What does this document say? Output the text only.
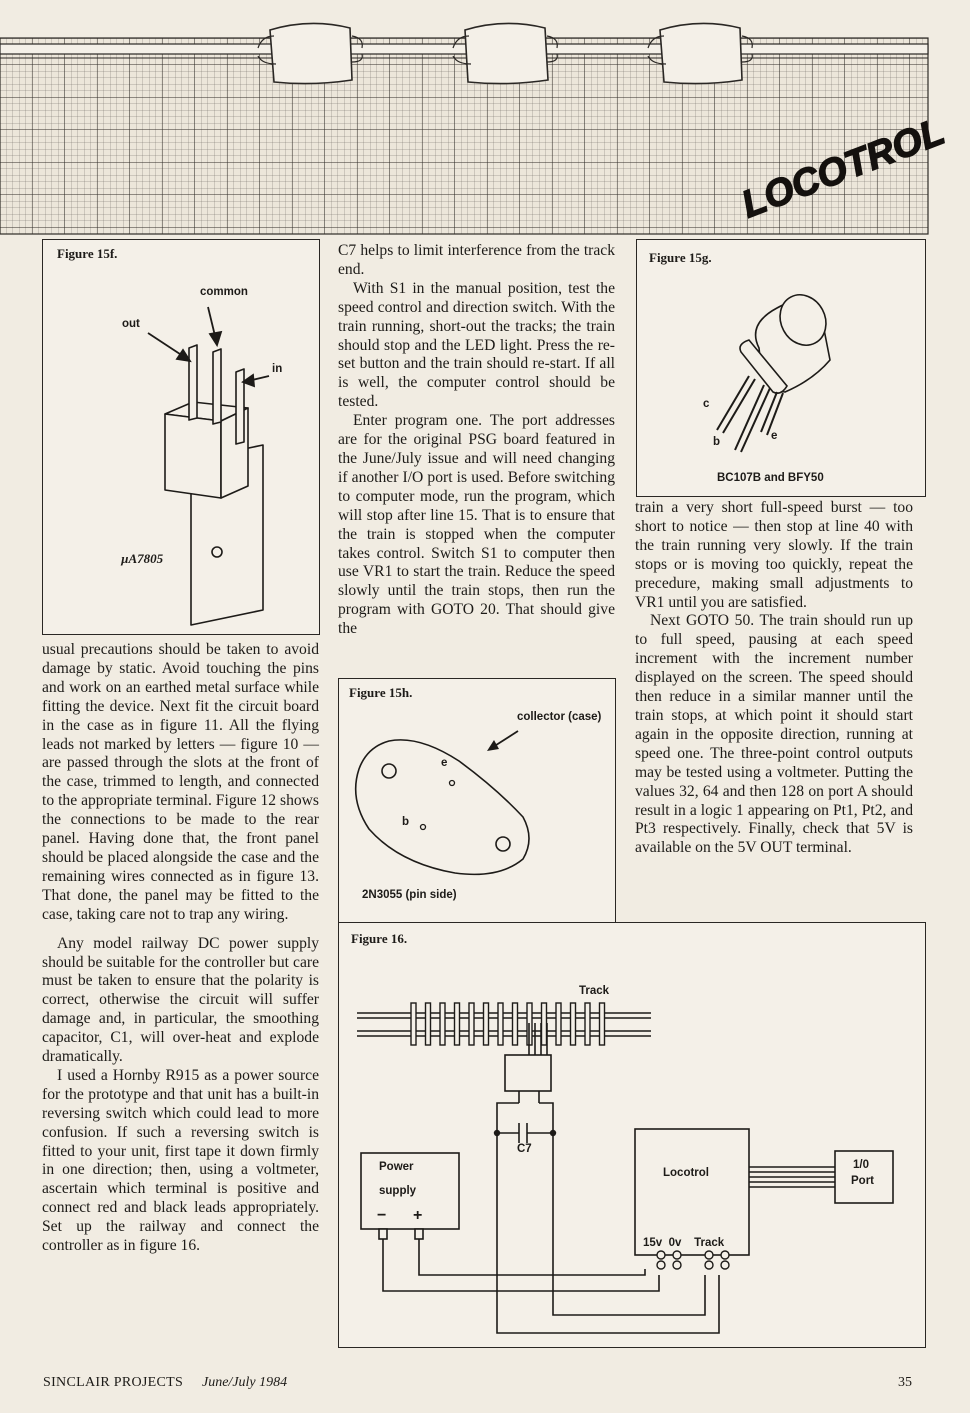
LOCOTROL
Figure 15f.
out
common
in
µA7805
Figure 15g.
c
b	e
BC107B and BFY50
Figure 15h.
collector (case)
e
b
2N3055 (pin side)
Figure 16.
Track
C7
Power
supply
− +
Locotrol
1/0
Port
15v  0v    Track

usual precautions should be taken to avoid damage by static. Avoid touching the pins and work on an earthed metal surface while fitting the device. Next fit the circuit board in the case as in figure 11. All the flying leads not marked by letters — figure 10 — are passed through the slots at the front of the case, trimmed to length, and connected to the appropriate terminal. Figure 12 shows the connections to be made to the rear panel. Having done that, the front panel should be placed alongside the case and the remaining wires connected as in figure 13. That done, the panel may be fitted to the case, taking care not to trap any wiring.

Any model railway DC power supply should be suitable for the controller but care must be taken to ensure that the polarity is correct, otherwise the circuit will suffer damage and, in particular, the smoothing capacitor, C1, will over-heat and explode dramatically.

I used a Hornby R915 as a power source for the prototype and that unit has a built-in reversing switch which could lead to more confusion. If such a reversing switch is fitted to your unit, first tape it down firmly in one direction; then, using a voltmeter, ascertain which terminal is positive and connect red and black leads appropriately. Set up the railway and connect the controller as in figure 16.

C7 helps to limit interference from the track end.

With S1 in the manual position, test the speed control and direction switch. With the train running, short-out the tracks; the train should stop and the LED light. Press the re-set button and the train should re-start. If all is well, the computer control should be tested.

Enter program one. The port addresses are for the original PSG board featured in the June/July issue and will need changing if another I/O port is used. Before switching to computer mode, run the program, which will stop after line 15. That is to ensure that the train is stopped when the computer takes control. Switch S1 to computer then use VR1 to start the train. Reduce the speed slowly until the train stops, then run the program with GOTO 20. That should give the

train a very short full-speed burst — too short to notice — then stop at line 40 with the train running very slowly. If the train stops or is moving too quickly, repeat the precedure, making small adjustments to VR1 until you are satisfied.

Next GOTO 50. The train should run up to full speed, pausing at each speed increment with the increment number displayed on the screen. The speed should then reduce in a similar manner until the train stops, at which point it should start again in the opposite direction, running at speed one. The three-point control outputs may be tested using a voltmeter. Putting the values 32, 64 and then 128 on port A should result in a logic 1 appearing on Pt1, Pt2, and Pt3 respectively. Finally, check that 5V is available on the 5V OUT terminal.

SINCLAIR PROJECTS June/July 1984	35
